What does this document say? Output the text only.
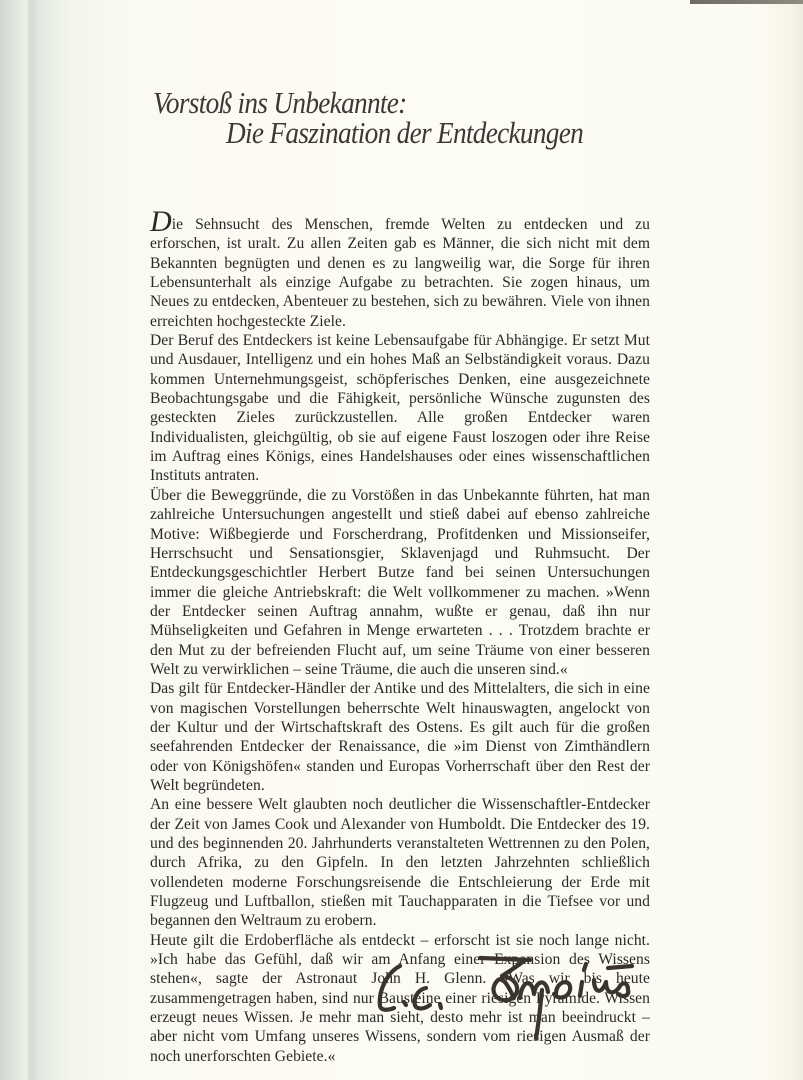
Vorstoß ins Unbekannte:
Die Faszination der Entdeckungen

Die Sehnsucht des Menschen, fremde Welten zu entdecken und zu erforschen, ist uralt. Zu allen Zeiten gab es Männer, die sich nicht mit dem Bekannten begnügten und denen es zu langweilig war, die Sorge für ihren Lebensunterhalt als einzige Aufgabe zu betrachten. Sie zogen hinaus, um Neues zu entdecken, Abenteuer zu bestehen, sich zu bewähren. Viele von ihnen erreichten hochgesteckte Ziele.

Der Beruf des Entdeckers ist keine Lebensaufgabe für Abhängige. Er setzt Mut und Ausdauer, Intelligenz und ein hohes Maß an Selbständigkeit voraus. Dazu kommen Unternehmungsgeist, schöpferisches Denken, eine ausgezeichnete Beobachtungsgabe und die Fähigkeit, persönliche Wünsche zugunsten des gesteckten Zieles zurückzustellen. Alle großen Entdecker waren Individualisten, gleichgültig, ob sie auf eigene Faust loszogen oder ihre Reise im Auftrag eines Königs, eines Handelshauses oder eines wissenschaftlichen Instituts antraten.

Über die Beweggründe, die zu Vorstößen in das Unbekannte führten, hat man zahlreiche Untersuchungen angestellt und stieß dabei auf ebenso zahlreiche Motive: Wißbegierde und Forscherdrang, Profitdenken und Missionseifer, Herrschsucht und Sensationsgier, Sklavenjagd und Ruhmsucht. Der Entdeckungsgeschichtler Herbert Butze fand bei seinen Untersuchungen immer die gleiche Antriebskraft: die Welt vollkommener zu machen. »Wenn der Entdecker seinen Auftrag annahm, wußte er genau, daß ihn nur Mühseligkeiten und Gefahren in Menge erwarteten . . . Trotzdem brachte er den Mut zu der befreienden Flucht auf, um seine Träume von einer besseren Welt zu verwirklichen – seine Träume, die auch die unseren sind.«

Das gilt für Entdecker-Händler der Antike und des Mittelalters, die sich in eine von magischen Vorstellungen beherrschte Welt hinauswagten, angelockt von der Kultur und der Wirtschaftskraft des Ostens. Es gilt auch für die großen seefahrenden Entdecker der Renaissance, die »im Dienst von Zimthändlern oder von Königshöfen« standen und Europas Vorherrschaft über den Rest der Welt begründeten.

An eine bessere Welt glaubten noch deutlicher die Wissenschaftler-Entdecker der Zeit von James Cook und Alexander von Humboldt. Die Entdecker des 19. und des beginnenden 20. Jahrhunderts veranstalteten Wettrennen zu den Polen, durch Afrika, zu den Gipfeln. In den letzten Jahrzehnten schließlich vollendeten moderne Forschungsreisende die Entschleierung der Erde mit Flugzeug und Luftballon, stießen mit Tauchapparaten in die Tiefsee vor und begannen den Weltraum zu erobern.

Heute gilt die Erdoberfläche als entdeckt – erforscht ist sie noch lange nicht. »Ich habe das Gefühl, daß wir am Anfang einer Expansion des Wissens stehen«, sagte der Astronaut John H. Glenn. »Was wir bis heute zusammengetragen haben, sind nur Bausteine einer riesigen Pyramide. Wissen erzeugt neues Wissen. Je mehr man sieht, desto mehr ist man beeindruckt – aber nicht vom Umfang unseres Wissens, sondern vom riesigen Ausmaß der noch unerforschten Gebiete.«
